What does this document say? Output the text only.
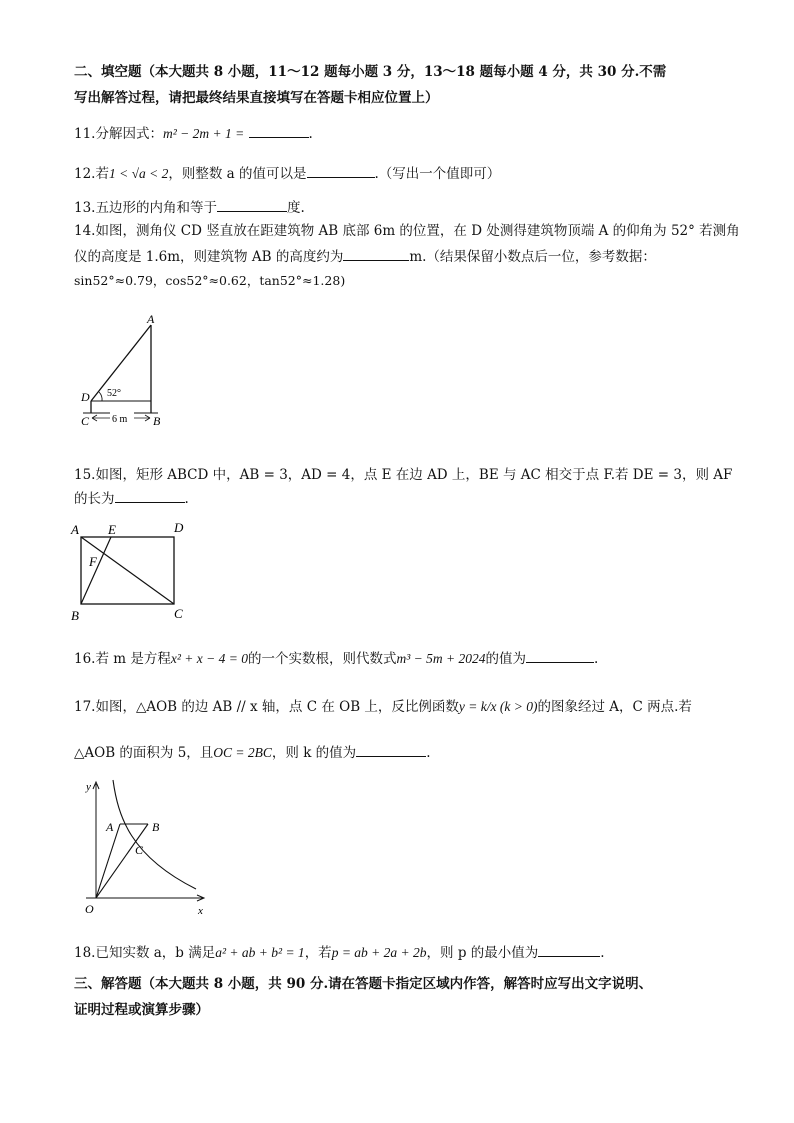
二、填空题（本大题共 8 小题，11～12 题每小题 3 分，13～18 题每小题 4 分，共 30 分.不需
写出解答过程，请把最终结果直接填写在答题卡相应位置上）
11.分解因式：m² − 2m + 1 =	.
12.若1 < √a < 2，则整数 a 的值可以是	.（写出一个值即可）
13.五边形的内角和等于	度.
14.如图，测角仪 CD 竖直放在距建筑物 AB 底部 6m 的位置，在 D 处测得建筑物顶端 A 的仰角为 52° 若测角
仪的高度是 1.6m，则建筑物 AB 的高度约为	m.（结果保留小数点后一位，参考数据：
sin52°≈0.79，cos52°≈0.62，tan52°≈1.28)
A
D 52°
C	B
6 m
15.如图，矩形 ABCD 中，AB = 3，AD = 4，点 E 在边 AD 上，BE 与 AC 相交于点 F.若 DE = 3，则 AF
的长为	.
A E	D
F
B	C
16.若 m 是方程x² + x − 4 = 0的一个实数根，则代数式m³ − 5m + 2024的值为	.
17.如图，△AOB 的边 AB // x 轴，点 C 在 OB 上，反比例函数y = k/x (k > 0)的图象经过 A，C 两点.若
△AOB 的面积为 5，且OC = 2BC，则 k 的值为	.
y
x
O
A	B
C
18.已知实数 a，b 满足a² + ab + b² = 1，若p = ab + 2a + 2b，则 p 的最小值为	.
三、解答题（本大题共 8 小题，共 90 分.请在答题卡指定区域内作答，解答时应写出文字说明、
证明过程或演算步骤）
